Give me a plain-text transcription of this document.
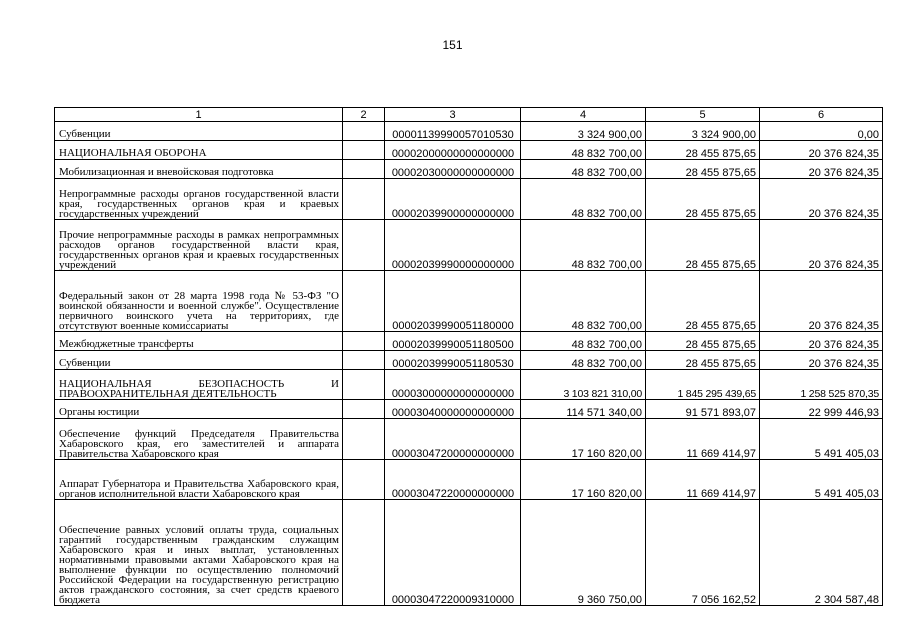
151
1	2	3	4	5	6
Субвенции		00001139990057010530	3 324 900,00	3 324 900,00	0,00
НАЦИОНАЛЬНАЯ ОБОРОНА		00002000000000000000	48 832 700,00	28 455 875,65	20 376 824,35
Мобилизационная и вневойсковая подготовка		00002030000000000000	48 832 700,00	28 455 875,65	20 376 824,35
Непрограммные расходы органов государственной власти края, государственных органов края и краевых государственных учреждений		00002039900000000000	48 832 700,00	28 455 875,65	20 376 824,35
Прочие непрограммные расходы в рамках непрограммных расходов органов государственной власти края, государственных органов края и краевых государственных учреждений		00002039990000000000	48 832 700,00	28 455 875,65	20 376 824,35
Федеральный закон от 28 марта 1998 года № 53-ФЗ "О воинской обязанности и военной службе". Осуществление первичного воинского учета на территориях, где отсутствуют военные комиссариаты		00002039990051180000	48 832 700,00	28 455 875,65	20 376 824,35
Межбюджетные трансферты		00002039990051180500	48 832 700,00	28 455 875,65	20 376 824,35
Субвенции		00002039990051180530	48 832 700,00	28 455 875,65	20 376 824,35
НАЦИОНАЛЬНАЯ БЕЗОПАСНОСТЬ И ПРАВООХРАНИТЕЛЬНАЯ ДЕЯТЕЛЬНОСТЬ		00003000000000000000	3 103 821 310,00	1 845 295 439,65	1 258 525 870,35
Органы юстиции		00003040000000000000	114 571 340,00	91 571 893,07	22 999 446,93
Обеспечение функций Председателя Правительства Хабаровского края, его заместителей и аппарата Правительства Хабаровского края		00003047200000000000	17 160 820,00	11 669 414,97	5 491 405,03
Аппарат Губернатора и Правительства Хабаровского края, органов исполнительной власти Хабаровского края		00003047220000000000	17 160 820,00	11 669 414,97	5 491 405,03
Обеспечение равных условий оплаты труда, социальных гарантий государственным гражданским служащим Хабаровского края и иных выплат, установленных нормативными правовыми актами Хабаровского края на выполнение функции по осуществлению полномочий Российской Федерации на государственную регистрацию актов гражданского состояния, за счет средств краевого бюджета		00003047220009310000	9 360 750,00	7 056 162,52	2 304 587,48
